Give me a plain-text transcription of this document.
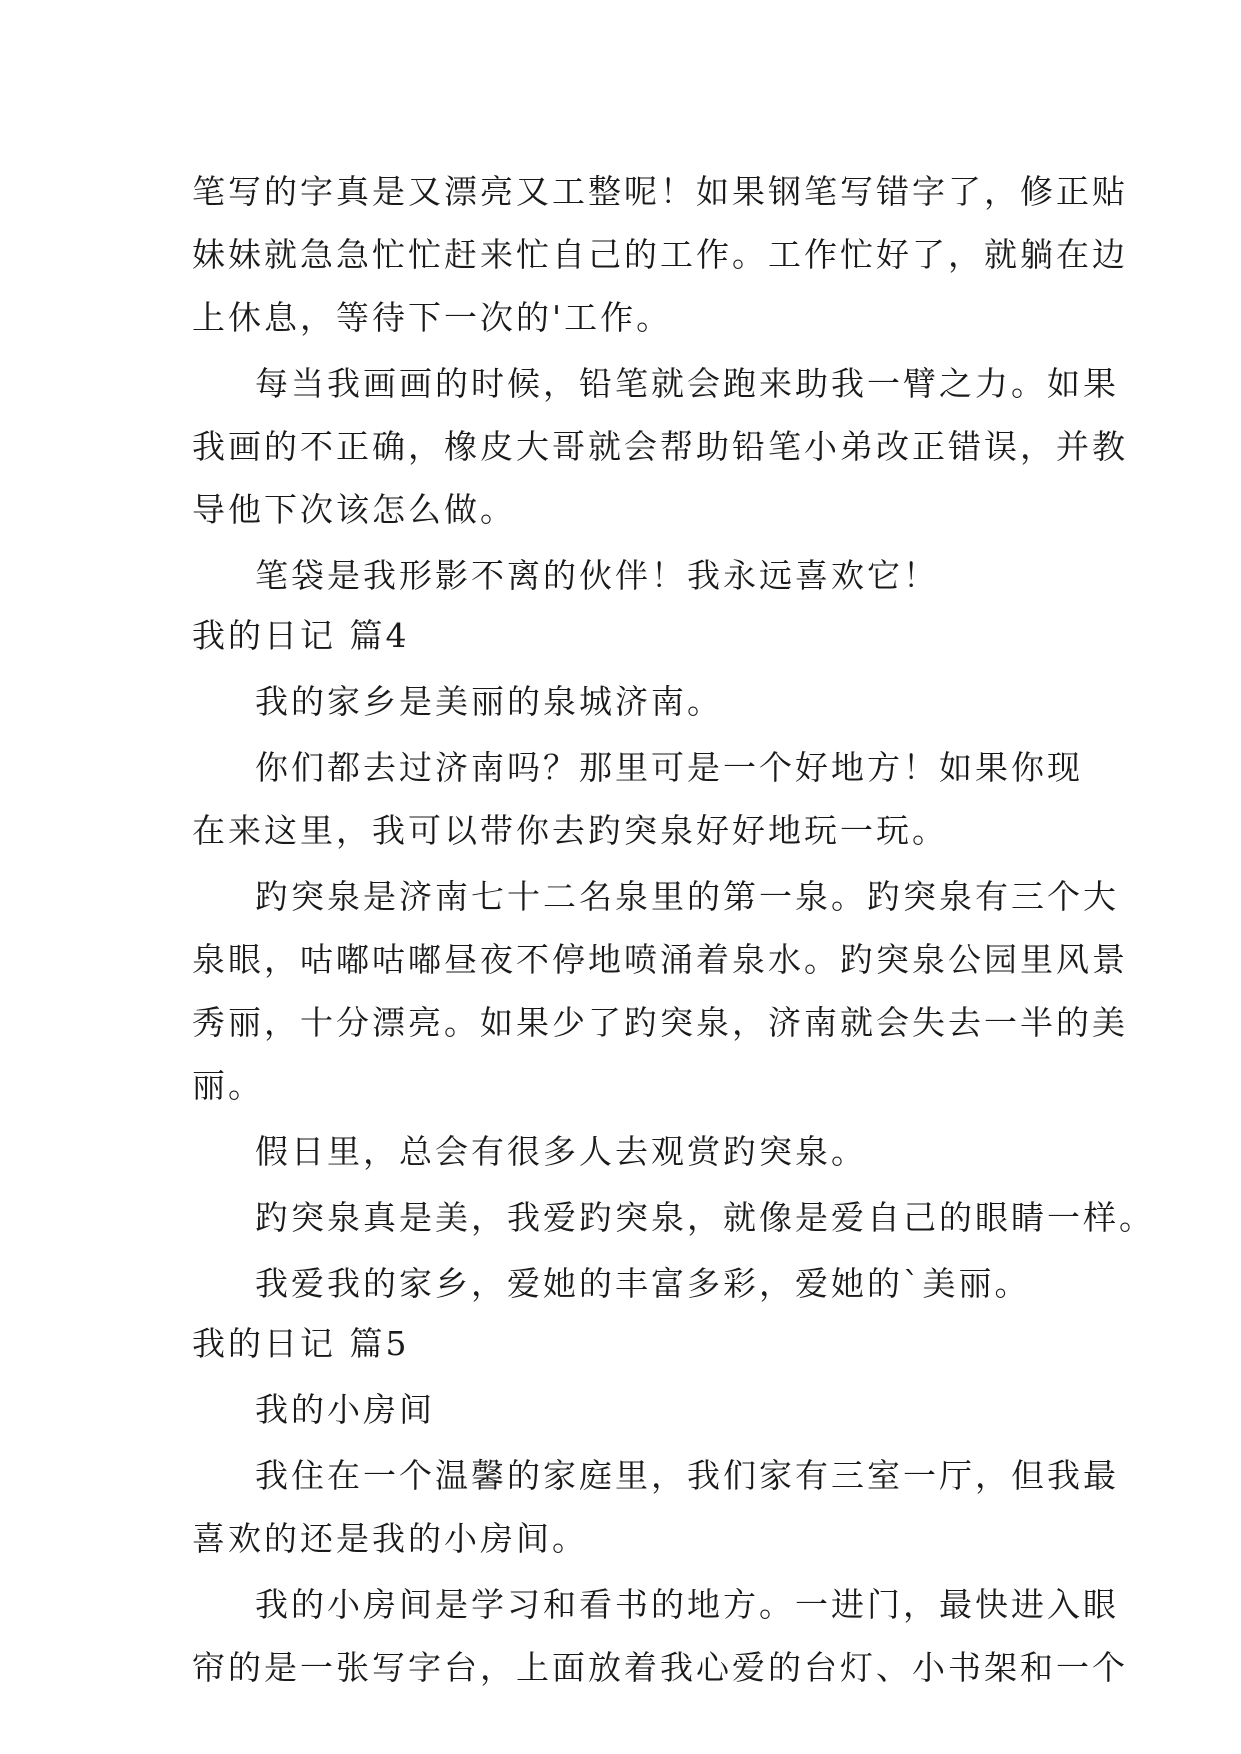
笔写的字真是又漂亮又工整呢！如果钢笔写错字了，修正贴
妹妹就急急忙忙赶来忙自己的工作。工作忙好了，就躺在边
上休息，等待下一次的'工作。
每当我画画的时候，铅笔就会跑来助我一臂之力。如果
我画的不正确，橡皮大哥就会帮助铅笔小弟改正错误，并教
导他下次该怎么做。
笔袋是我形影不离的伙伴！我永远喜欢它！
我的日记 篇4
我的家乡是美丽的泉城济南。
你们都去过济南吗？那里可是一个好地方！如果你现
在来这里，我可以带你去趵突泉好好地玩一玩。
趵突泉是济南七十二名泉里的第一泉。趵突泉有三个大
泉眼，咕嘟咕嘟昼夜不停地喷涌着泉水。趵突泉公园里风景
秀丽，十分漂亮。如果少了趵突泉，济南就会失去一半的美
丽。
假日里，总会有很多人去观赏趵突泉。
趵突泉真是美，我爱趵突泉，就像是爱自己的眼睛一样。
我爱我的家乡，爱她的丰富多彩，爱她的`美丽。
我的日记 篇5
我的小房间
我住在一个温馨的家庭里，我们家有三室一厅，但我最
喜欢的还是我的小房间。
我的小房间是学习和看书的地方。一进门，最快进入眼
帘的是一张写字台，上面放着我心爱的台灯、小书架和一个
